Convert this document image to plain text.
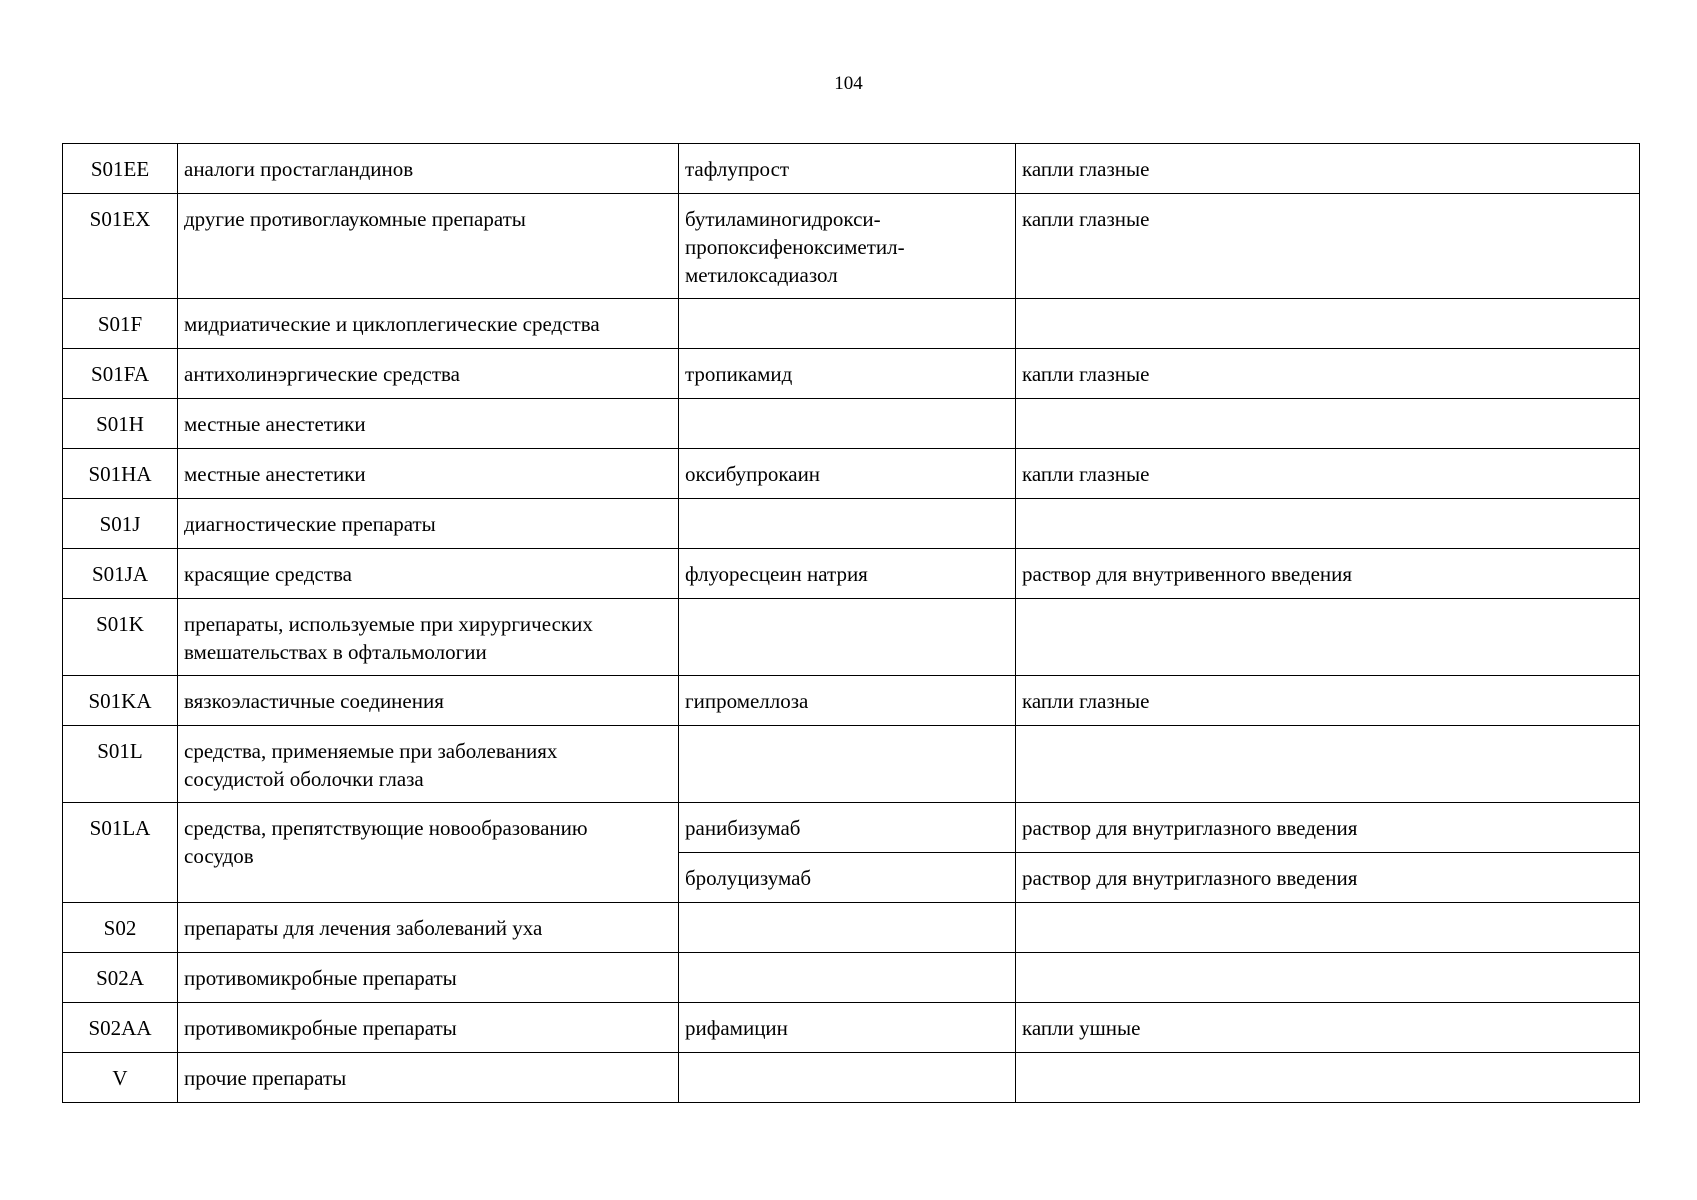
104
S01EE	аналоги простагландинов	тафлупрост	капли глазные
S01EX	другие противоглаукомные препараты	бутиламиногидрокси-
пропоксифеноксиметил-
метилоксадиазол	капли глазные
S01F	мидриатические и циклоплегические средства		
S01FA	антихолинэргические средства	тропикамид	капли глазные
S01H	местные анестетики		
S01HA	местные анестетики	оксибупрокаин	капли глазные
S01J	диагностические препараты		
S01JA	красящие средства	флуоресцеин натрия	раствор для внутривенного введения
S01K	препараты, используемые при хирургических
вмешательствах в офтальмологии		
S01KA	вязкоэластичные соединения	гипромеллоза	капли глазные
S01L	средства, применяемые при заболеваниях
сосудистой оболочки глаза		
S01LA	средства, препятствующие новообразованию
сосудов	ранибизумаб	раствор для внутриглазного введения
		бролуцизумаб	раствор для внутриглазного введения
S02	препараты для лечения заболеваний уха		
S02A	противомикробные препараты		
S02AA	противомикробные препараты	рифамицин	капли ушные
V	прочие препараты		
